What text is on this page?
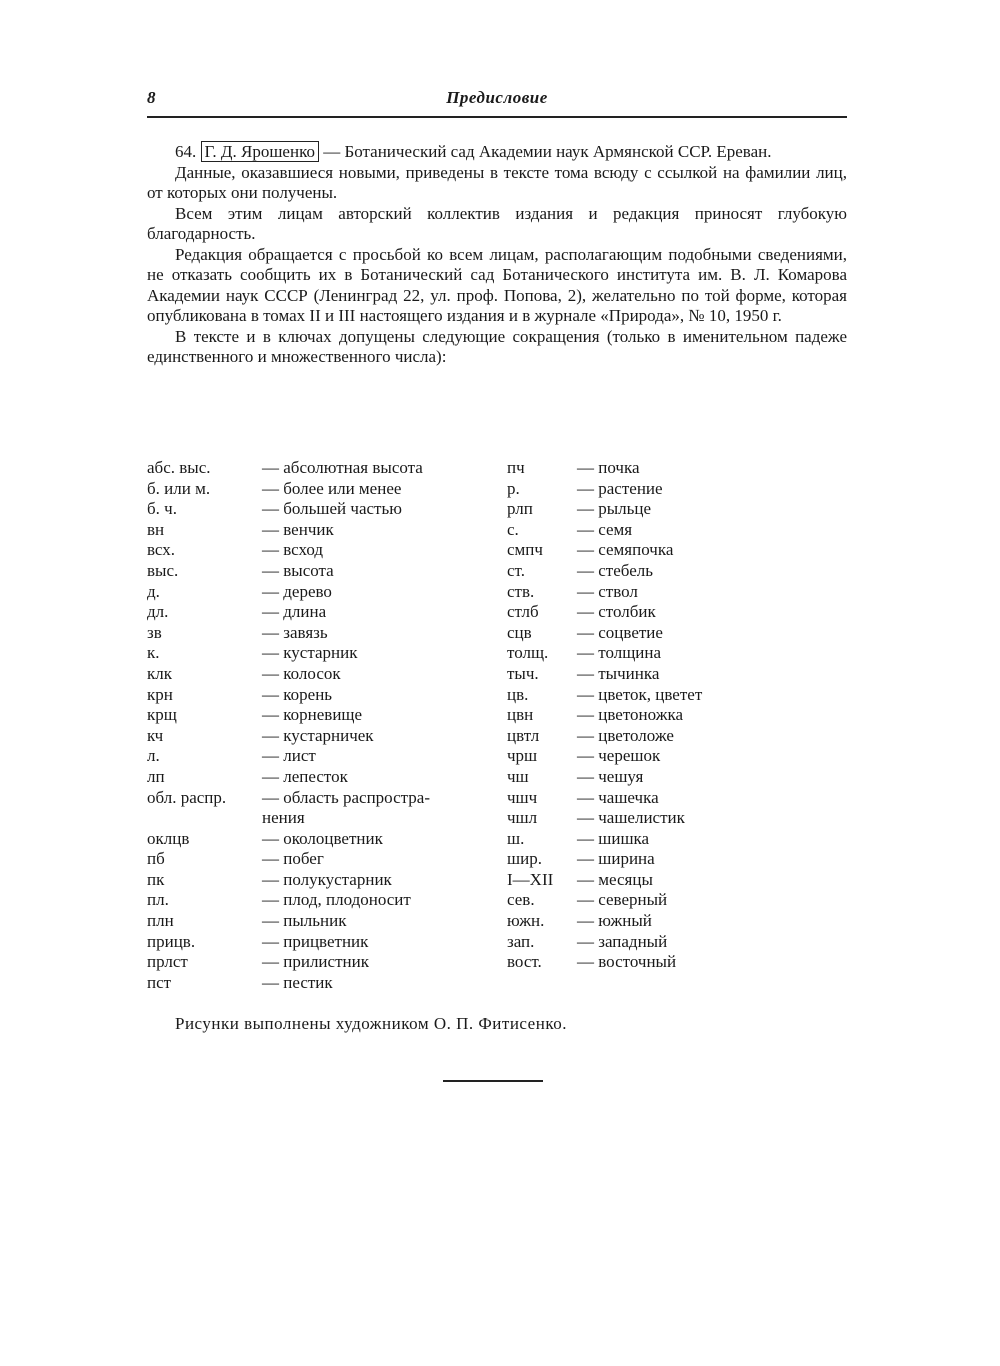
8	Предисловие

64. Г. Д. Ярошенко — Ботанический сад Академии наук Армянской ССР. Ереван.

Данные, оказавшиеся новыми, приведены в тексте тома всюду с ссылкой на фамилии лиц, от которых они получены.

Всем этим лицам авторский коллектив издания и редакция приносят глубокую благодарность.

Редакция обращается с просьбой ко всем лицам, располагающим подобными сведениями, не отказать сообщить их в Ботанический сад Ботанического института им. В. Л. Комарова Академии наук СССР (Ленинград 22, ул. проф. Попова, 2), желательно по той форме, которая опубликована в томах II и III настоящего издания и в журнале «Природа», № 10, 1950 г.

В тексте и в ключах допущены следующие сокращения (только в именительном падеже единственного и множественного числа):

абс. выс.	— абсолютная высота	пч	— почка
б. или м.	— более или менее	р.	— растение
б. ч.	— большей частью	рлп	— рыльце
вн	— венчик	с.	— семя
всх.	— всход	смпч	— семяпочка
выс.	— высота	ст.	— стебель
д.	— дерево	ств.	— ствол
дл.	— длина	стлб	— столбик
зв	— завязь	сцв	— соцветие
к.	— кустарник	толщ.	— толщина
клк	— колосок	тыч.	— тычинка
крн	— корень	цв.	— цветок, цветет
крщ	— корневище	цвн	— цветоножка
кч	— кустарничек	цвтл	— цветоложе
л.	— лист	чрш	— черешок
лп	— лепесток	чш	— чешуя
обл. распр.	— область распростра-	чшч	— чашечка
нения	чшл	— чашелистик
оклцв	— околоцветник	ш.	— шишка
пб	— побег	шир.	— ширина
пк	— полукустарник	I—XII	— месяцы
пл.	— плод, плодоносит	сев.	— северный
плн	— пыльник	южн.	— южный
прицв.	— прицветник	зап.	— западный
прлст	— прилистник	вост.	— восточный
пст	— пестик
Рисунки выполнены художником О. П. Фитисенко.
